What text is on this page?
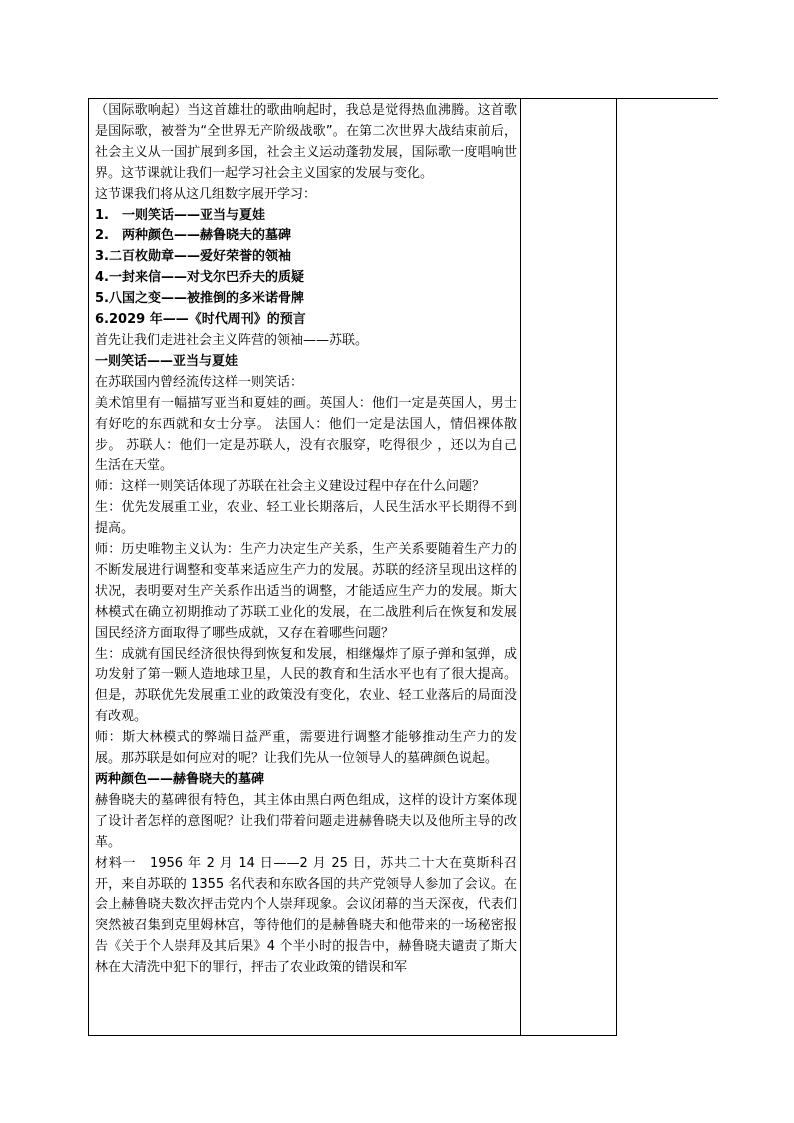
（国际歌响起）当这首雄壮的歌曲响起时，我总是觉得热血沸腾。这首歌是国际歌，被誉为“全世界无产阶级战歌”。在第二次世界大战结束前后，社会主义从一国扩展到多国，社会主义运动蓬勃发展，国际歌一度唱响世界。这节课就让我们一起学习社会主义国家的发展与变化。

这节课我们将从这几组数字展开学习：

1.　一则笑话——亚当与夏娃

2.　两种颜色——赫鲁晓夫的墓碑

3.二百枚勋章——爱好荣誉的领袖

4.一封来信——对戈尔巴乔夫的质疑

5.八国之变——被推倒的多米诺骨牌

6.2029 年——《时代周刊》的预言

首先让我们走进社会主义阵营的领袖——苏联。

一则笑话——亚当与夏娃

在苏联国内曾经流传这样一则笑话：

美术馆里有一幅描写亚当和夏娃的画。英国人：他们一定是英国人，男士有好吃的东西就和女士分享。 法国人：他们一定是法国人，情侣裸体散步。 苏联人：他们一定是苏联人，没有衣服穿，吃得很少 ，还以为自己生活在天堂。

师：这样一则笑话体现了苏联在社会主义建设过程中存在什么问题？

生：优先发展重工业，农业、轻工业长期落后，人民生活水平长期得不到提高。

师：历史唯物主义认为：生产力决定生产关系，生产关系要随着生产力的不断发展进行调整和变革来适应生产力的发展。苏联的经济呈现出这样的状况，表明要对生产关系作出适当的调整，才能适应生产力的发展。斯大林模式在确立初期推动了苏联工业化的发展，在二战胜利后在恢复和发展国民经济方面取得了哪些成就，又存在着哪些问题？

生：成就有国民经济很快得到恢复和发展，相继爆炸了原子弹和氢弹，成功发射了第一颗人造地球卫星，人民的教育和生活水平也有了很大提高。但是，苏联优先发展重工业的政策没有变化，农业、轻工业落后的局面没有改观。

师：斯大林模式的弊端日益严重，需要进行调整才能够推动生产力的发展。那苏联是如何应对的呢？让我们先从一位领导人的墓碑颜色说起。

两种颜色——赫鲁晓夫的墓碑

赫鲁晓夫的墓碑很有特色，其主体由黑白两色组成，这样的设计方案体现了设计者怎样的意图呢？让我们带着问题走进赫鲁晓夫以及他所主导的改革。

材料一　1956 年 2 月 14 日——2 月 25 日，苏共二十大在莫斯科召开，来自苏联的 1355 名代表和东欧各国的共产党领导人参加了会议。在会上赫鲁晓夫数次抨击党内个人崇拜现象。会议闭幕的当天深夜，代表们突然被召集到克里姆林宫，等待他们的是赫鲁晓夫和他带来的一场秘密报告《关于个人崇拜及其后果》4 个半小时的报告中，赫鲁晓夫谴责了斯大林在大清洗中犯下的罪行，抨击了农业政策的错误和军
